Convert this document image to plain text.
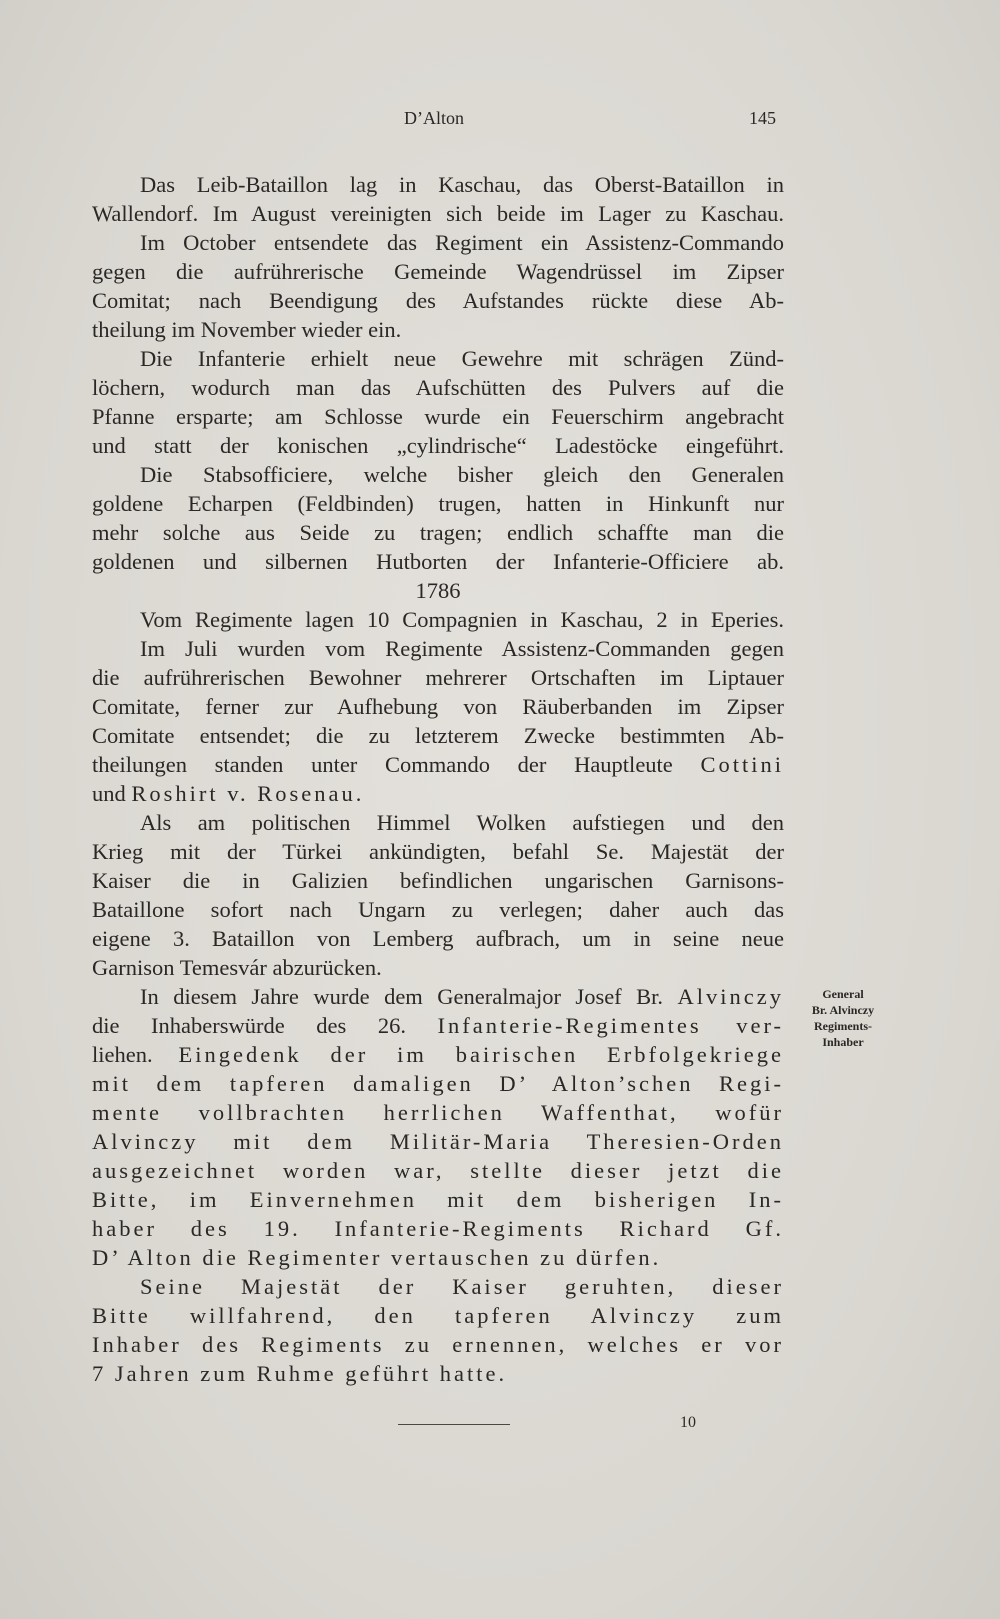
D’Alton	145
Das Leib-Bataillon lag in Kaschau, das Oberst-Bataillon in
Wallendorf. Im August vereinigten sich beide im Lager zu Kaschau.
Im October entsendete das Regiment ein Assistenz-Commando
gegen die aufrührerische Gemeinde Wagendrüssel im Zipser
Comitat; nach Beendigung des Aufstandes rückte diese Ab-
theilung im November wieder ein.
Die Infanterie erhielt neue Gewehre mit schrägen Zünd-
löchern, wodurch man das Aufschütten des Pulvers auf die
Pfanne ersparte; am Schlosse wurde ein Feuerschirm angebracht
und statt der konischen „cylindrische“ Ladestöcke eingeführt.
Die Stabsofficiere, welche bisher gleich den Generalen
goldene Echarpen (Feldbinden) trugen, hatten in Hinkunft nur
mehr solche aus Seide zu tragen; endlich schaffte man die
goldenen und silbernen Hutborten der Infanterie-Officiere ab.
1786
Vom Regimente lagen 10 Compagnien in Kaschau, 2 in Eperies.
Im Juli wurden vom Regimente Assistenz-Commanden gegen
die aufrührerischen Bewohner mehrerer Ortschaften im Liptauer
Comitate, ferner zur Aufhebung von Räuberbanden im Zipser
Comitate entsendet; die zu letzterem Zwecke bestimmten Ab-
theilungen standen unter Commando der Hauptleute Cottini
und Roshirt v. Rosenau.
Als am politischen Himmel Wolken aufstiegen und den
Krieg mit der Türkei ankündigten, befahl Se. Majestät der
Kaiser die in Galizien befindlichen ungarischen Garnisons-
Bataillone sofort nach Ungarn zu verlegen; daher auch das
eigene 3. Bataillon von Lemberg aufbrach, um in seine neue
Garnison Temesvár abzurücken.
In diesem Jahre wurde dem Generalmajor Josef Br. Alvinczy
die Inhaberswürde des 26. Infanterie-Regimentes ver-
liehen. Eingedenk der im bairischen Erbfolgekriege
mit dem tapferen damaligen D’ Alton’schen Regi-
mente vollbrachten herrlichen Waffenthat, wofür
Alvinczy mit dem Militär-Maria Theresien-Orden
ausgezeichnet worden war, stellte dieser jetzt die
Bitte, im Einvernehmen mit dem bisherigen In-
haber des 19. Infanterie-Regiments Richard Gf.
D’ Alton die Regimenter vertauschen zu dürfen.
Seine Majestät der Kaiser geruhten, dieser
Bitte willfahrend, den tapferen Alvinczy zum
Inhaber des Regiments zu ernennen, welches er vor
7 Jahren zum Ruhme geführt hatte.
General
Br. Alvinczy
Regiments-
Inhaber
10
